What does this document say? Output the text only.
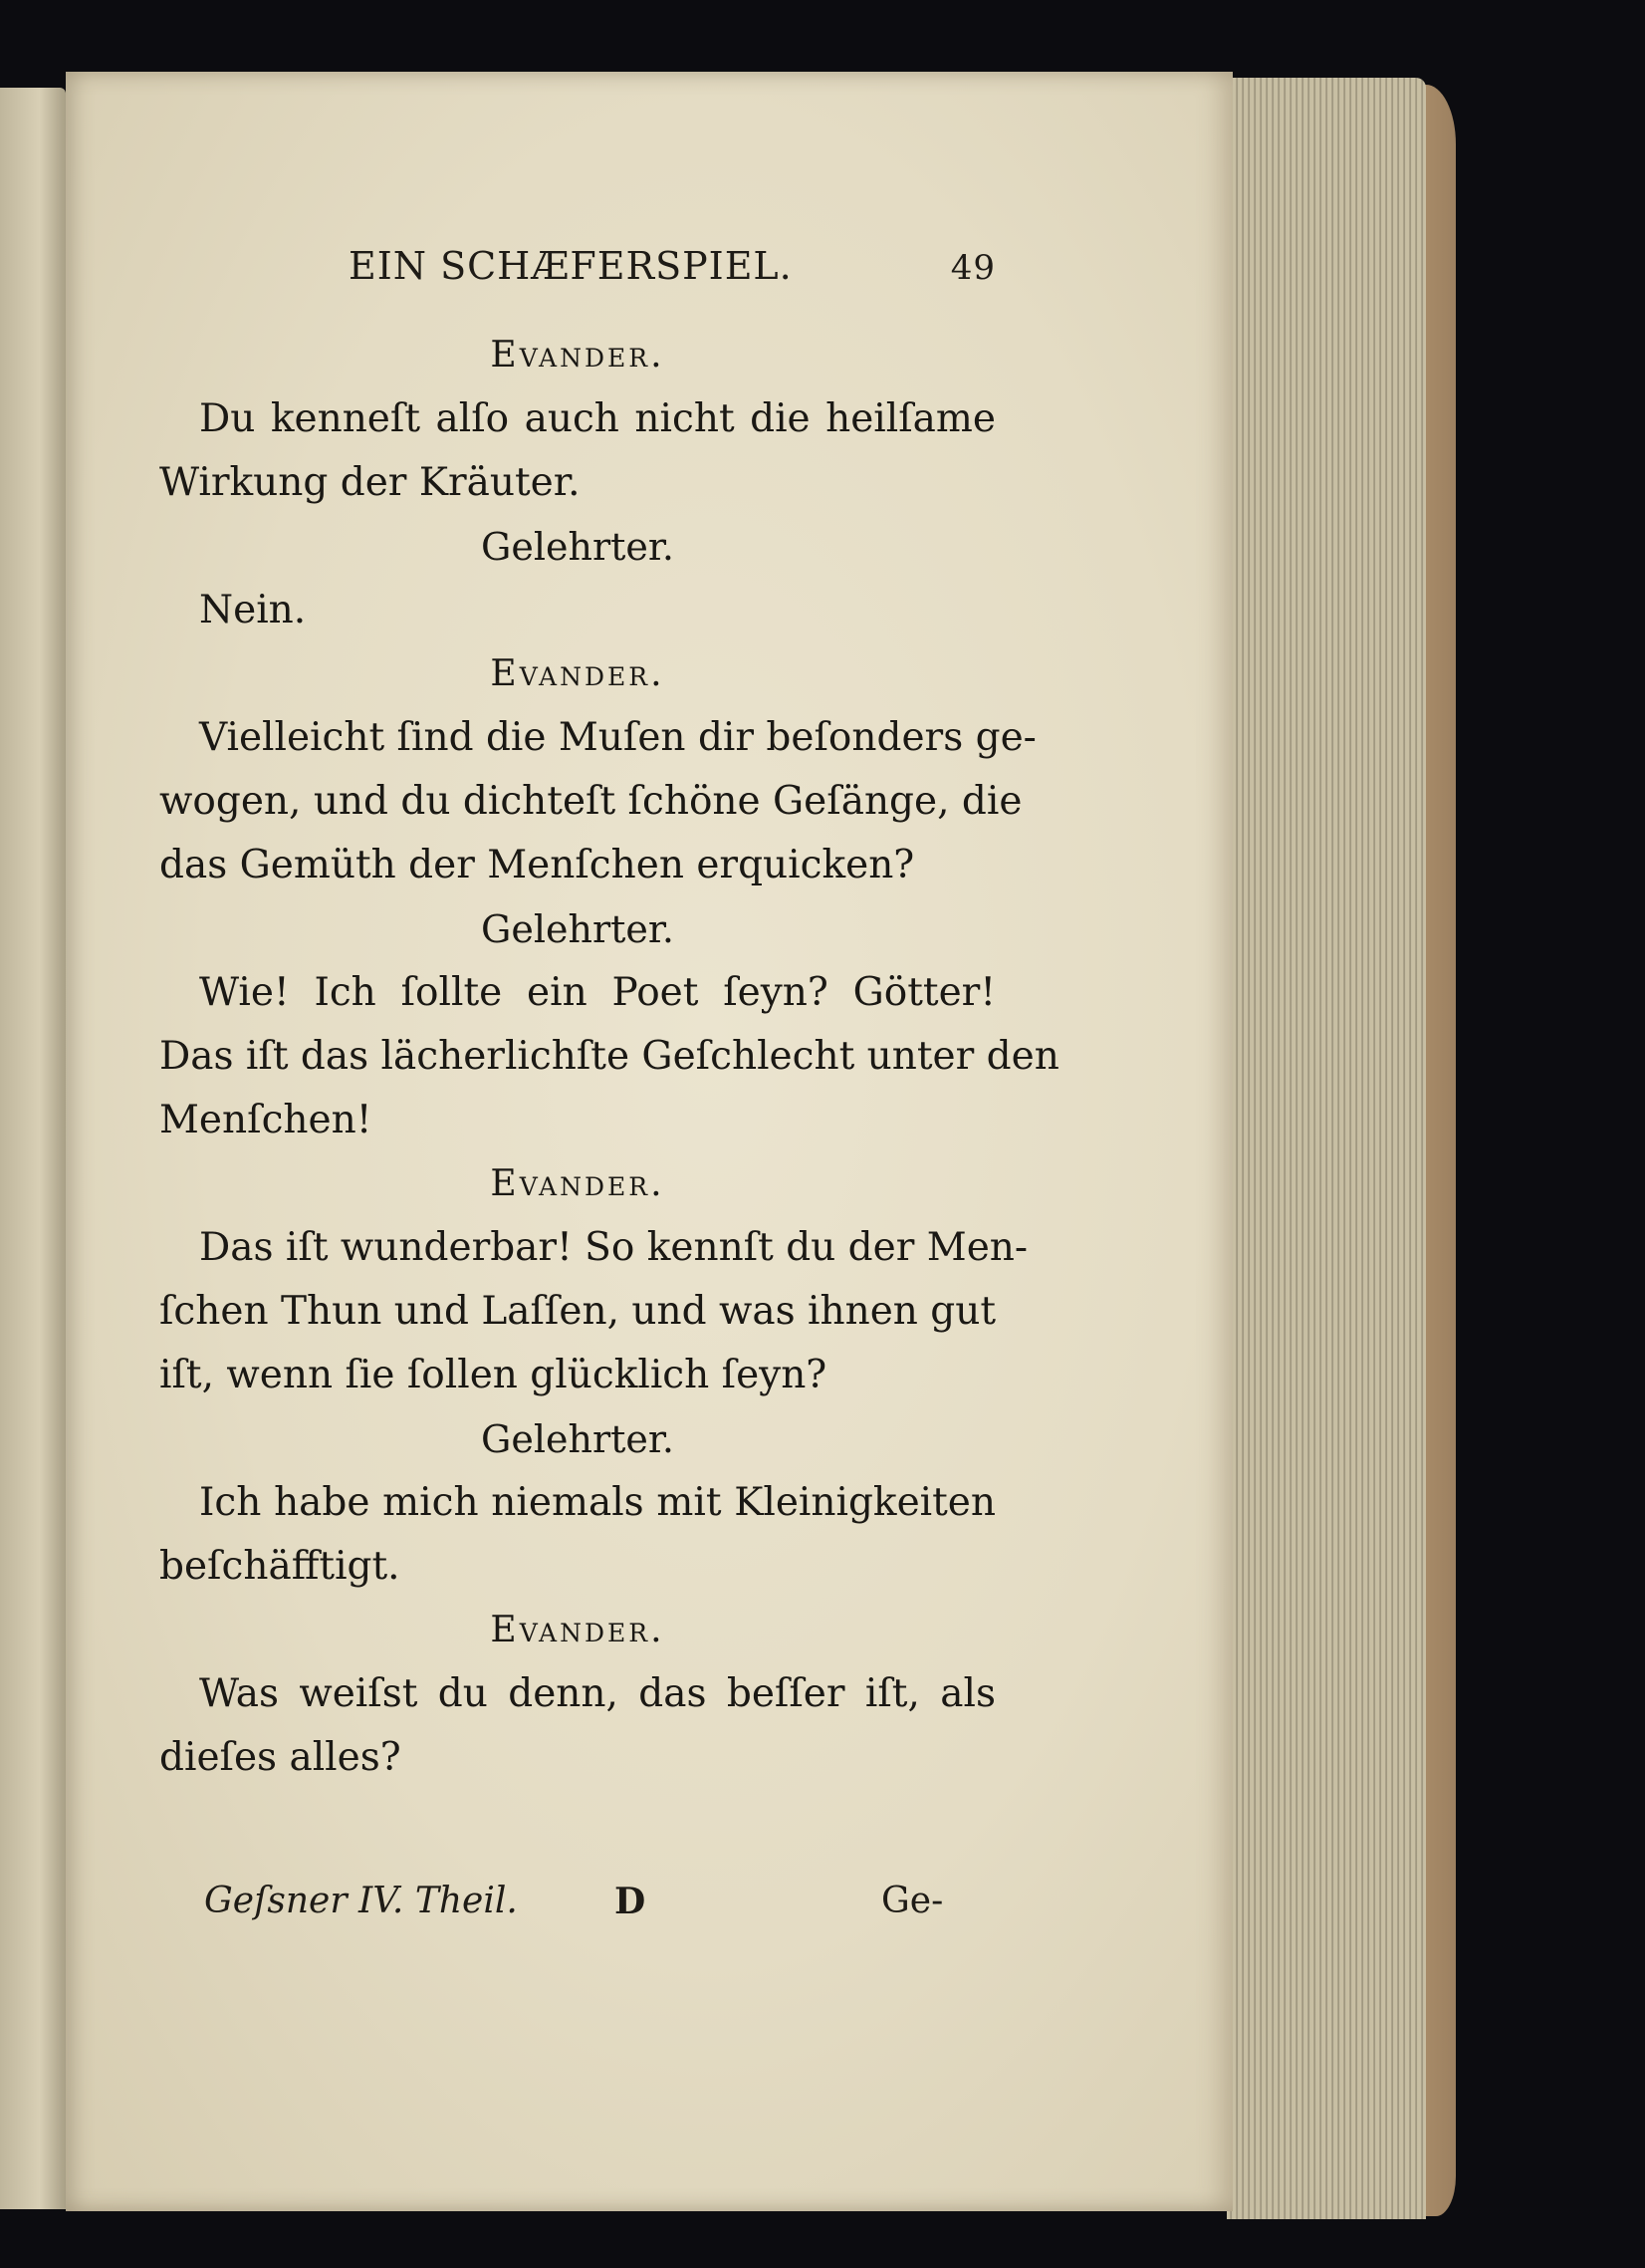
EIN SCHÆFERSPIEL.	49
Evander.
Du kenneſt alſo auch nicht die heilſame
Wirkung der Kräuter.
Gelehrter.
Nein.
Evander.
Vielleicht ſind die Muſen dir beſonders ge-
wogen, und du dichteſt ſchöne Geſänge, die
das Gemüth der Menſchen erquicken?
Gelehrter.
Wie! Ich ſollte ein Poet ſeyn? Götter!
Das iſt das lächerlichſte Geſchlecht unter den
Menſchen!
Evander.
Das iſt wunderbar! So kennſt du der Men-
ſchen Thun und Laſſen, und was ihnen gut
iſt, wenn ſie ſollen glücklich ſeyn?
Gelehrter.
Ich habe mich niemals mit Kleinigkeiten
beſchäfftigt.
Evander.
Was weiſst du denn, das beſſer iſt, als
dieſes alles?
Geſsner IV. Theil.	D	Ge-
